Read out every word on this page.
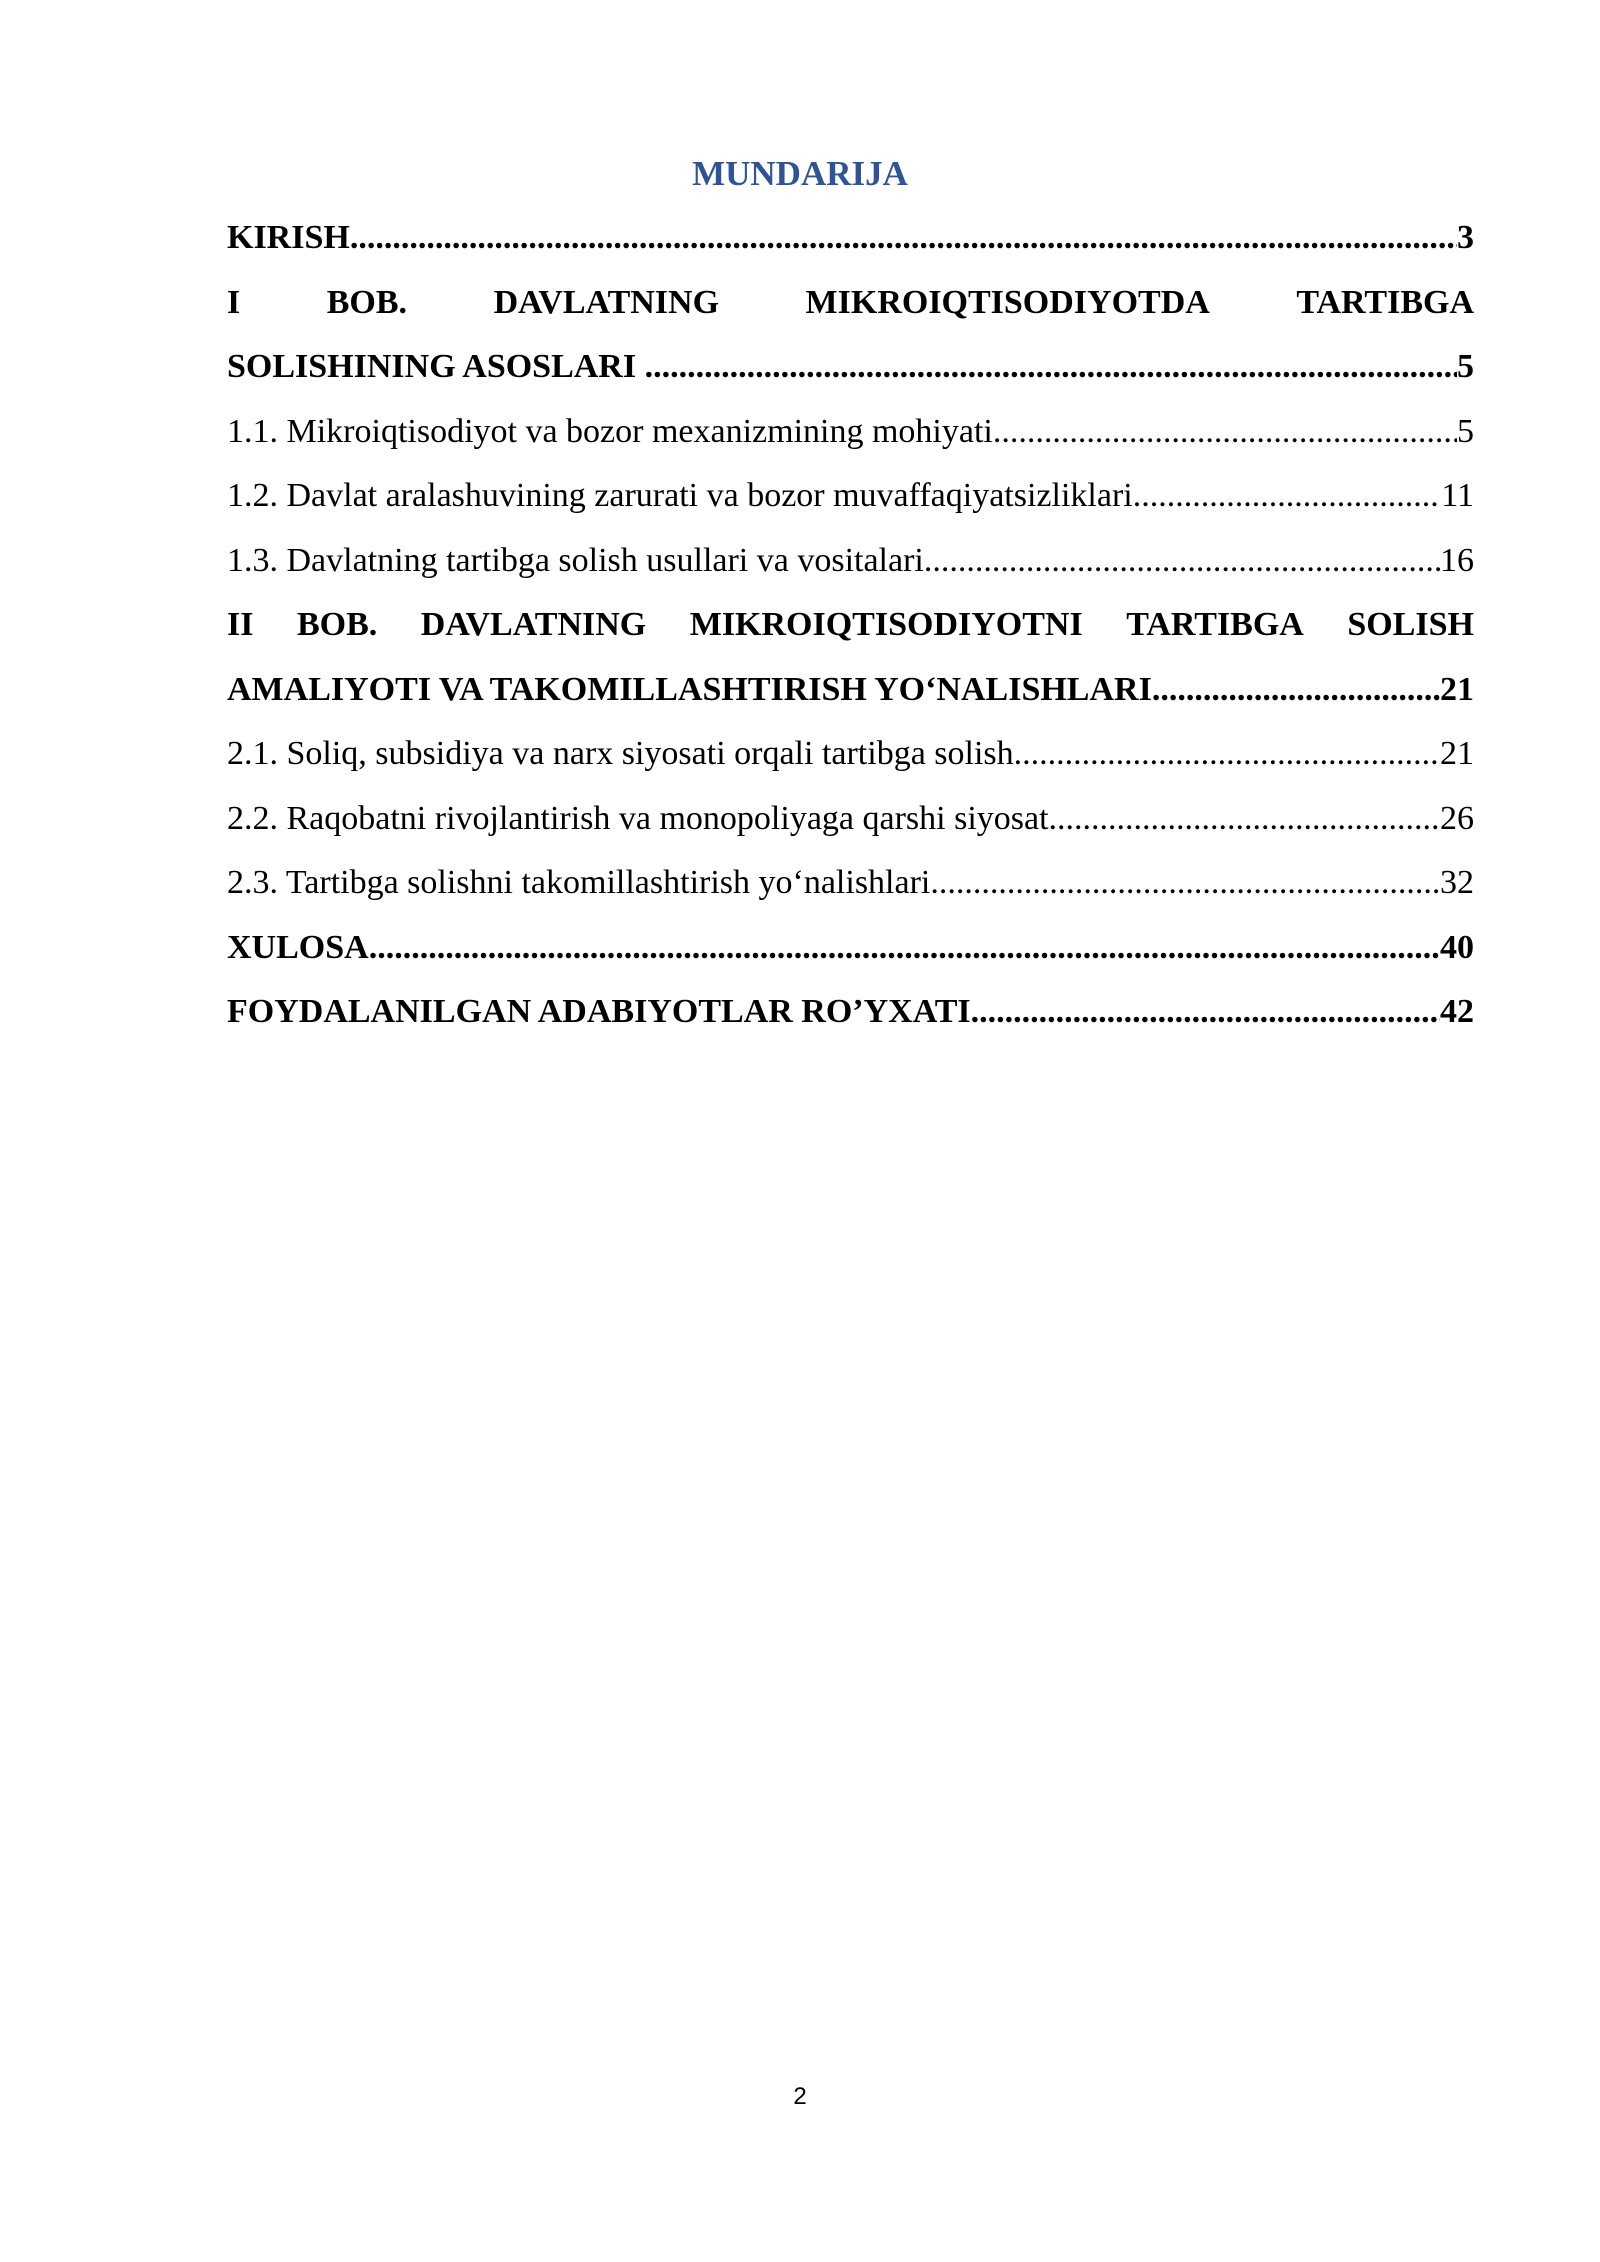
MUNDARIJA
KIRISH .....	3
I	BOB.	DAVLATNING	MIKROIQTISODIYOTDA	TARTIBGA
SOLISHINING ASOSLARI .....	5
1.1. Mikroiqtisodiyot va bozor mexanizmining mohiyati .....	5
1.2. Davlat aralashuvining zarurati va bozor muvaffaqiyatsizliklari .....	11
1.3. Davlatning tartibga solish usullari va vositalari .....	16
II BOB. DAVLATNING MIKROIQTISODIYOTNI TARTIBGA SOLISH
AMALIYOTI VA TAKOMILLASHTIRISH YO‘NALISHLARI .....	21
2.1. Soliq, subsidiya va narx siyosati orqali tartibga solish .....	21
2.2. Raqobatni rivojlantirish va monopoliyaga qarshi siyosat .....	26
2.3. Tartibga solishni takomillashtirish yo‘nalishlari .....	32
XULOSA .....	40
FOYDALANILGAN ADABIYOTLAR RO’YXATI .....	42
2
